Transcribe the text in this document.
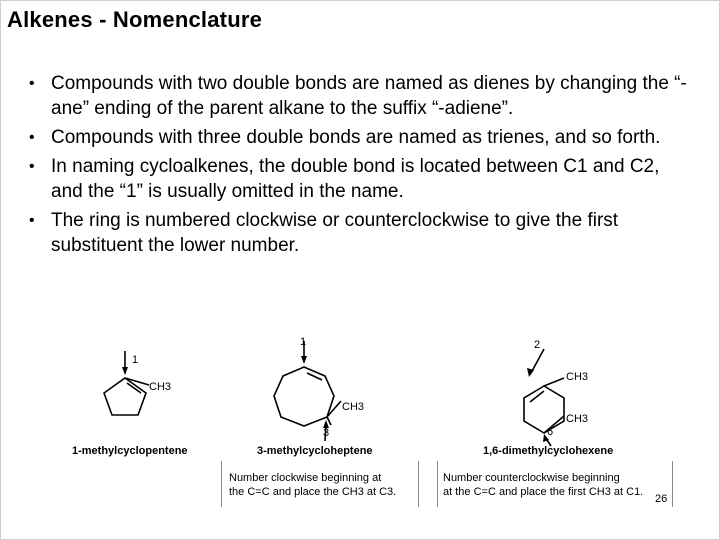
Alkenes - Nomenclature
• Compounds with two double bonds are named as dienes by changing the “-ane” ending of the parent alkane to the suffix “-adiene”.
• Compounds with three double bonds are named as trienes, and so forth.
• In naming cycloalkenes, the double bond is located between C1 and C2, and the “1” is usually omitted in the name.
• The ring is numbered clockwise or counterclockwise to give the first substituent the lower number.
1
CH3
1-methylcyclopentene
1
CH3
3
3-methylcycloheptene
2
CH3
CH3
6
1,6-dimethylcyclohexene
Number clockwise beginning at
the C=C and place the CH3 at C3.
Number counterclockwise beginning
at the C=C and place the first CH3 at C1.
26
